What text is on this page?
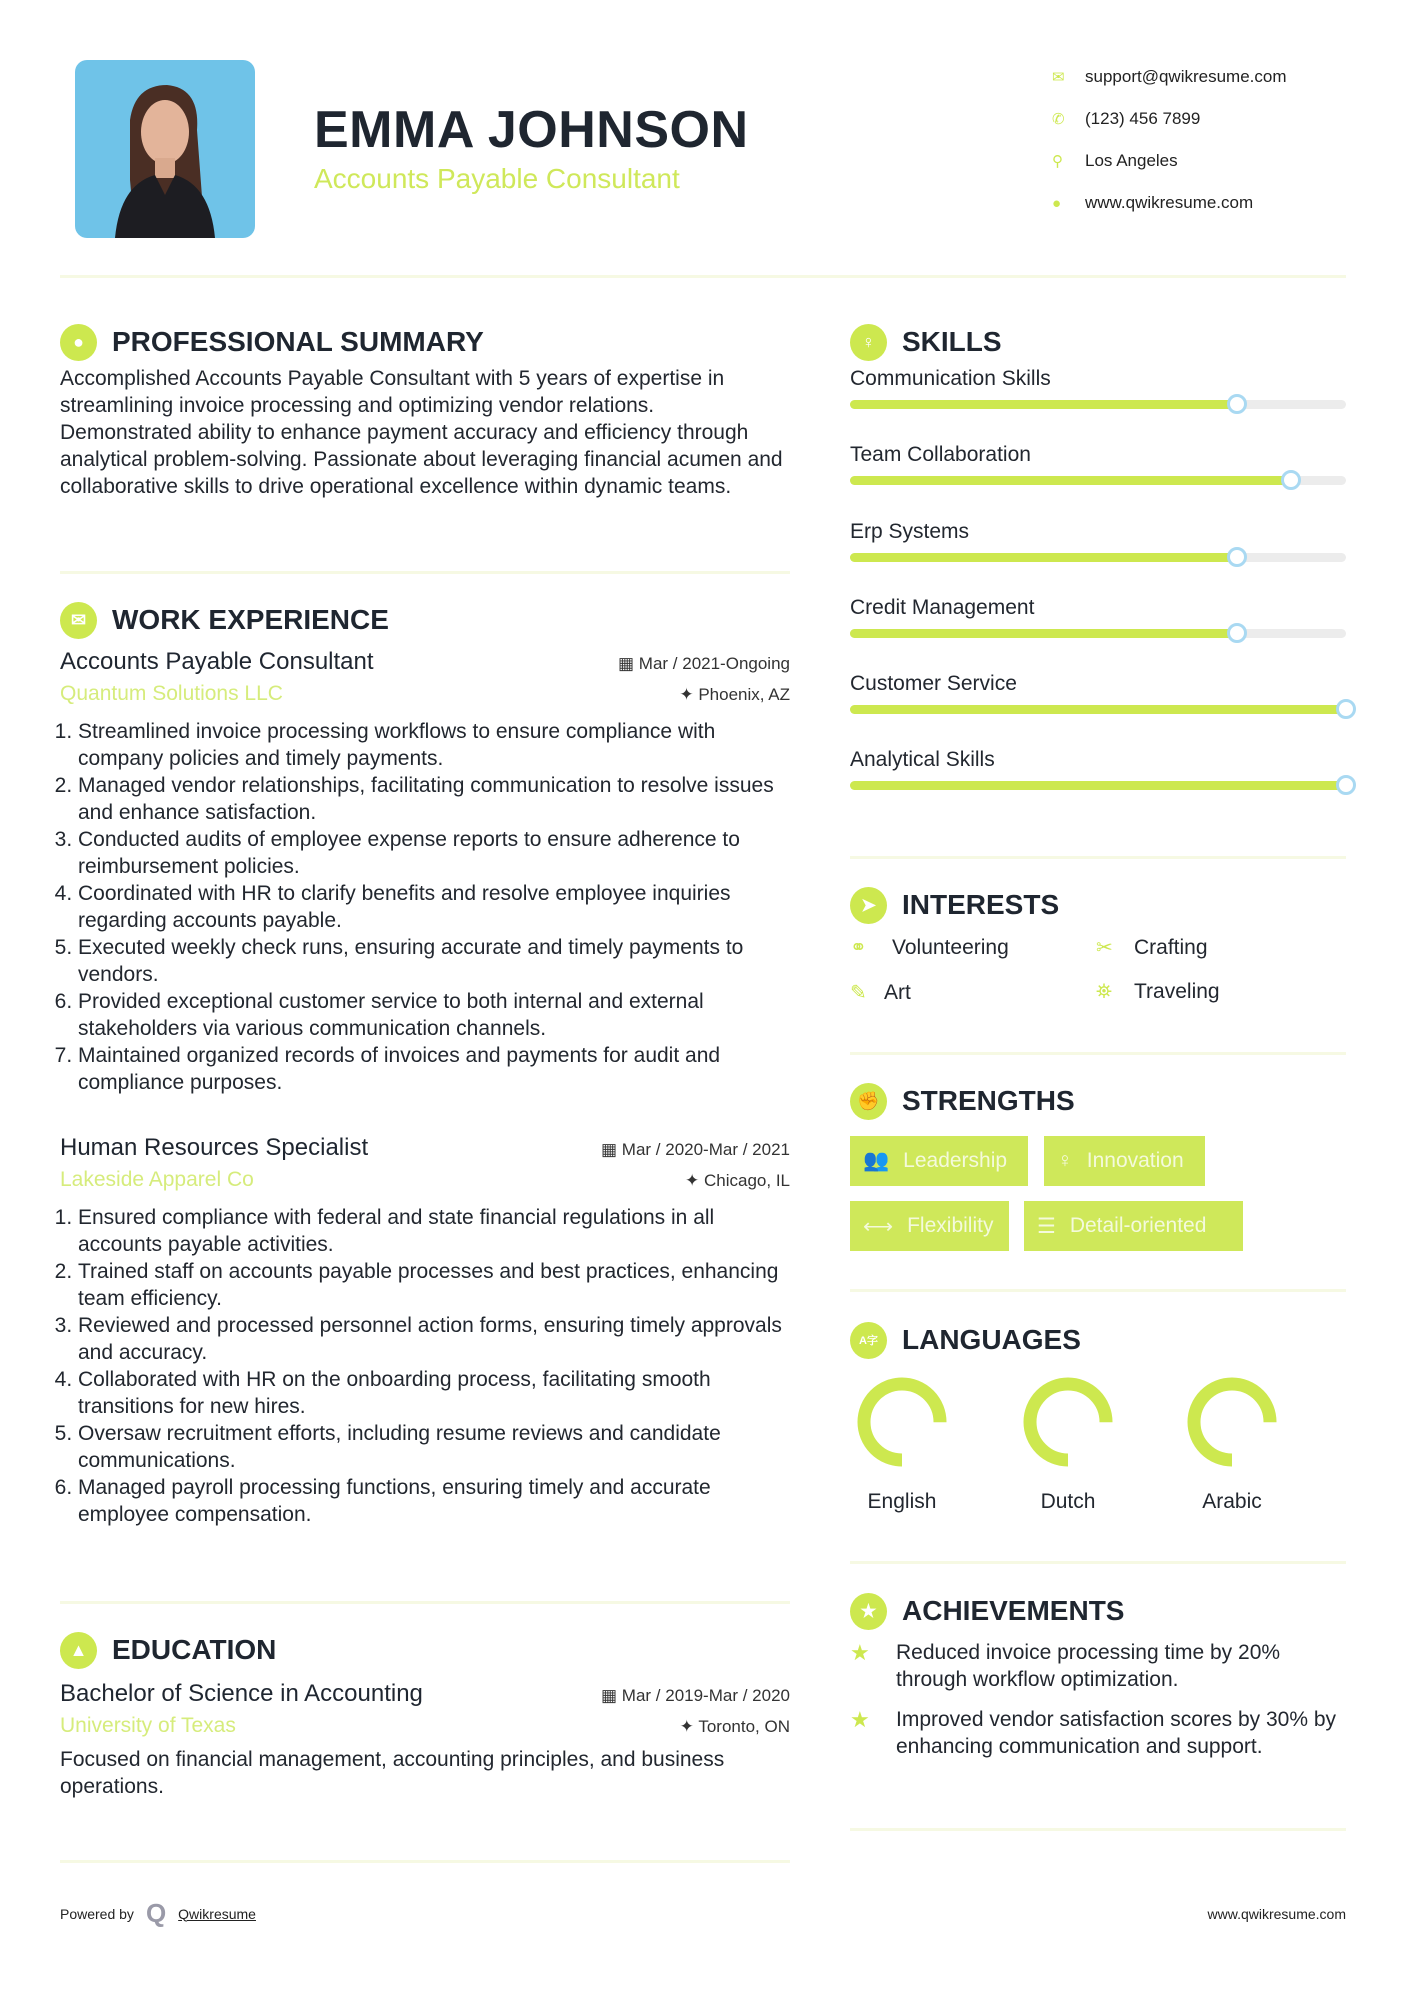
EMMA JOHNSON
Accounts Payable Consultant
✉	support@qwikresume.com
✆	(123) 456 7899
⚲	Los Angeles
●	www.qwikresume.com
●	PROFESSIONAL SUMMARY

Accomplished Accounts Payable Consultant with 5 years of expertise in streamlining invoice processing and optimizing vendor relations. Demonstrated ability to enhance payment accuracy and efficiency through analytical problem-solving. Passionate about leveraging financial acumen and collaborative skills to drive operational excellence within dynamic teams.

✉ WORK EXPERIENCE
Accounts Payable Consultant	▦ Mar / 2021-Ongoing
Quantum Solutions LLC	✦ Phoenix, AZ
1. Streamlined invoice processing workflows to ensure compliance with company policies and timely payments.
2. Managed vendor relationships, facilitating communication to resolve issues and enhance satisfaction.
3. Conducted audits of employee expense reports to ensure adherence to reimbursement policies.
4. Coordinated with HR to clarify benefits and resolve employee inquiries regarding accounts payable.
5. Executed weekly check runs, ensuring accurate and timely payments to vendors.
6. Provided exceptional customer service to both internal and external stakeholders via various communication channels.
7. Maintained organized records of invoices and payments for audit and compliance purposes.
Human Resources Specialist	▦ Mar / 2020-Mar / 2021
Lakeside Apparel Co	✦ Chicago, IL
1. Ensured compliance with federal and state financial regulations in all accounts payable activities.
2. Trained staff on accounts payable processes and best practices, enhancing team efficiency.
3. Reviewed and processed personnel action forms, ensuring timely approvals and accuracy.
4. Collaborated with HR on the onboarding process, facilitating smooth transitions for new hires.
5. Oversaw recruitment efforts, including resume reviews and candidate communications.
6. Managed payroll processing functions, ensuring timely and accurate employee compensation.
▲ EDUCATION
Bachelor of Science in Accounting	▦ Mar / 2019-Mar / 2020
University of Texas	✦ Toronto, ON

Focused on financial management, accounting principles, and business operations.

♀ SKILLS
Communication Skills
Team Collaboration
Erp Systems
Credit Management
Customer Service
Analytical Skills
➤ INTERESTS
⚭	Volunteering	✂	Crafting
✎ Art	⛯	Traveling
✊ STRENGTHS
👥 Leadership ♀ Innovation
⟷ Flexibility ☰ Detail-oriented
A字 LANGUAGES
English	Dutch	Arabic
★ ACHIEVEMENTS
★	Reduced invoice processing time by 20% through workflow optimization.
★	Improved vendor satisfaction scores by 30% by enhancing communication and support.
Powered by Q Qwikresume	www.qwikresume.com
